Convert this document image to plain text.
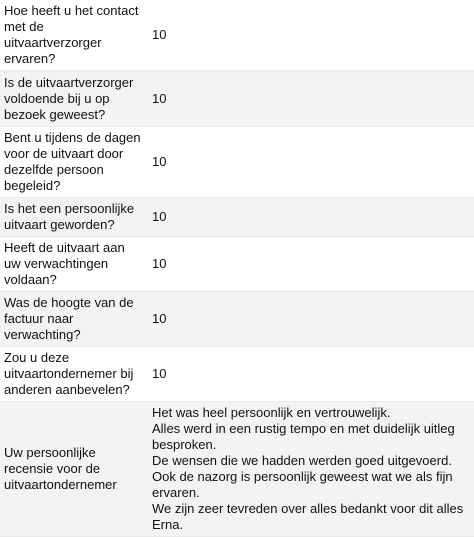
Hoe heeft u het contact met de uitvaartverzorger ervaren?	10
Is de uitvaartverzorger voldoende bij u op bezoek geweest?	10
Bent u tijdens de dagen voor de uitvaart door dezelfde persoon begeleid?	10
Is het een persoonlijke uitvaart geworden?	10
Heeft de uitvaart aan uw verwachtingen voldaan?	10
Was de hoogte van de factuur naar verwachting?	10
Zou u deze uitvaartondernemer bij anderen aanbevelen?	10
Uw persoonlijke recensie voor de uitvaartondernemer	Het was heel persoonlijk en vertrouwelijk.
Alles werd in een rustig tempo en met duidelijk uitleg besproken.
De wensen die we hadden werden goed uitgevoerd.
Ook de nazorg is persoonlijk geweest wat we als fijn ervaren.
We zijn zeer tevreden over alles bedankt voor dit alles Erna.
